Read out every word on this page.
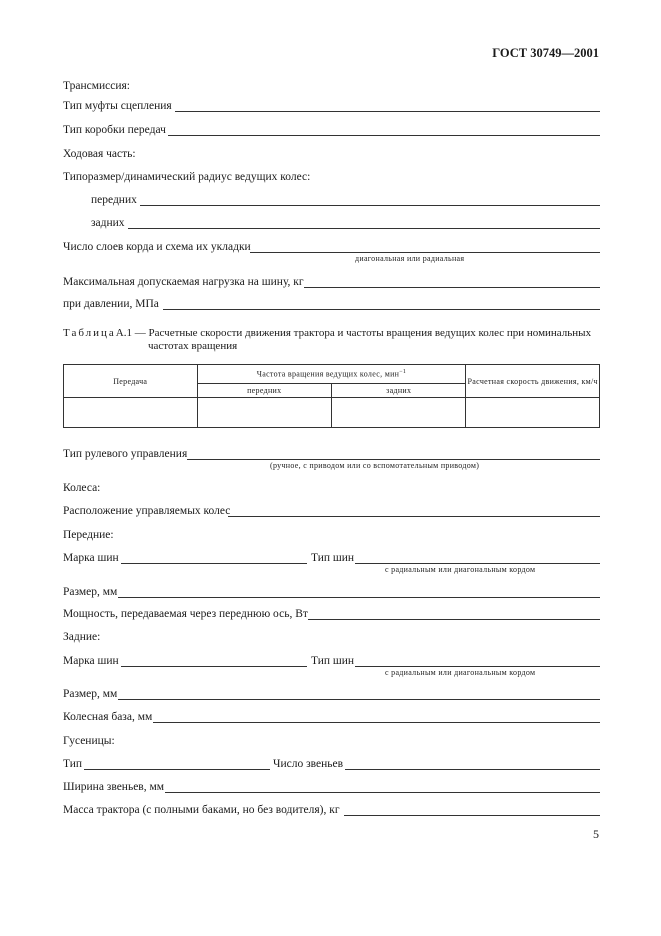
ГОСТ 30749—2001
Трансмиссия:
Тип муфты сцепления
Тип коробки передач
Ходовая часть:
Типоразмер/динамический радиус ведущих колес:
передних
задних
Число слоев корда и схема их укладки
диагональная или радиальная
Максимальная допускаемая нагрузка на шину, кг
при давлении, МПа
ТаблицаА.1 — Расчетные скорости движения трактора и частоты вращения ведущих колес при номинальных
частотах вращения
Передача	Частота вращения ведущих колес, мин$^{-1}$		Расчетная скорость движения, км/ч
	передних	задних	

Тип рулевого управления
(ручное, с приводом или со вспомотательным приводом)
Колеса:
Расположение управляемых колес
Передние:
Марка шин	Тип шин
с радиальным или диагональным кордом
Размер, мм
Мощность, передаваемая через переднюю ось, Вт
Задние:
Марка шин	Тип шин
с радиальным или диагональным кордом
Размер, мм
Колесная база, мм
Гусеницы:
Тип	Число звеньев
Ширина звеньев, мм
Масса трактора (с полными баками, но без водителя), кг
5
